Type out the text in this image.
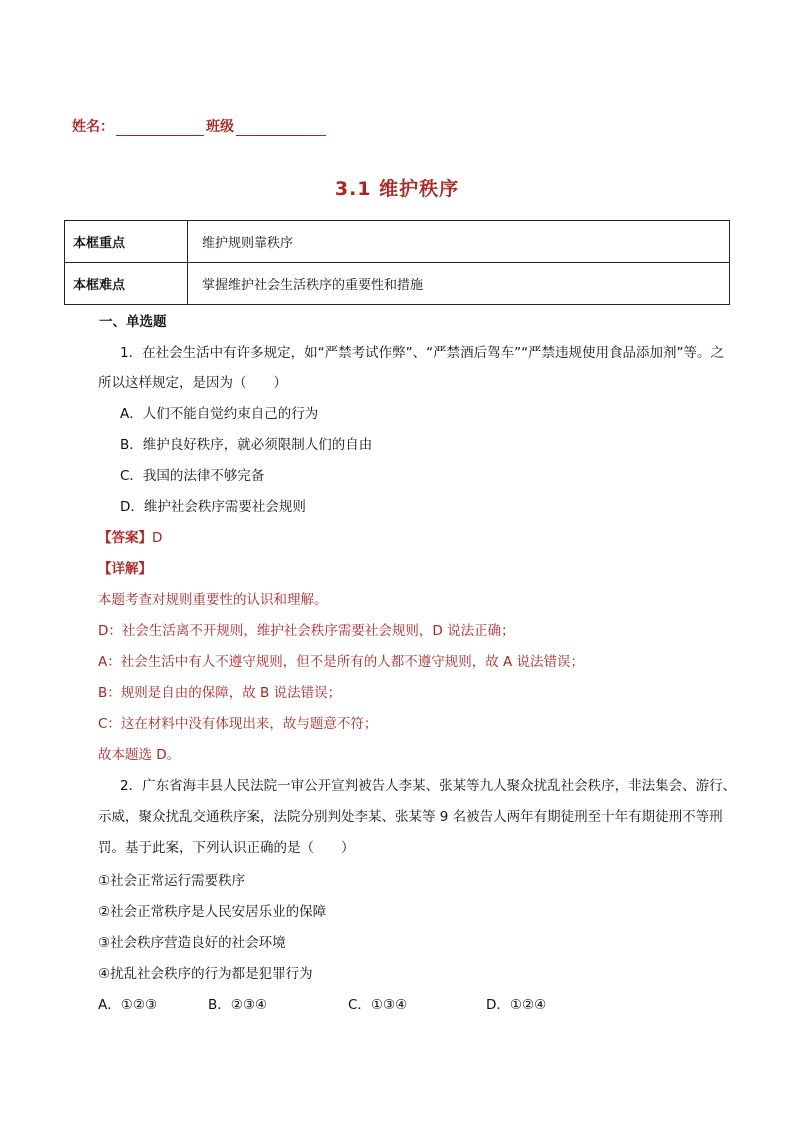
姓名：	班级
3.1 维护秩序
本框重点	维护规则靠秩序
本框难点	掌握维护社会生活秩序的重要性和措施
一、单选题
1．在社会生活中有许多规定，如“严禁考试作弊”、“严禁酒后驾车”“严禁违规使用食品添加剂”等。之
所以这样规定，是因为（　　）
A．人们不能自觉约束自己的行为
B．维护良好秩序，就必须限制人们的自由
C．我国的法律不够完备
D．维护社会秩序需要社会规则
【答案】D
【详解】
本题考查对规则重要性的认识和理解。
D：社会生活离不开规则，维护社会秩序需要社会规则，D 说法正确；
A：社会生活中有人不遵守规则，但不是所有的人都不遵守规则，故 A 说法错误；
B：规则是自由的保障，故 B 说法错误；
C：这在材料中没有体现出来，故与题意不符；
故本题选 D。
2．广东省海丰县人民法院一审公开宣判被告人李某、张某等九人聚众扰乱社会秩序，非法集会、游行、
示威，聚众扰乱交通秩序案，法院分别判处李某、张某等 9 名被告人两年有期徒刑至十年有期徒刑不等刑
罚。基于此案，下列认识正确的是（　　）
①社会正常运行需要秩序
②社会正常秩序是人民安居乐业的保障
③社会秩序营造良好的社会环境
④扰乱社会秩序的行为都是犯罪行为
A．①②③	B．②③④	C．①③④	D．①②④
